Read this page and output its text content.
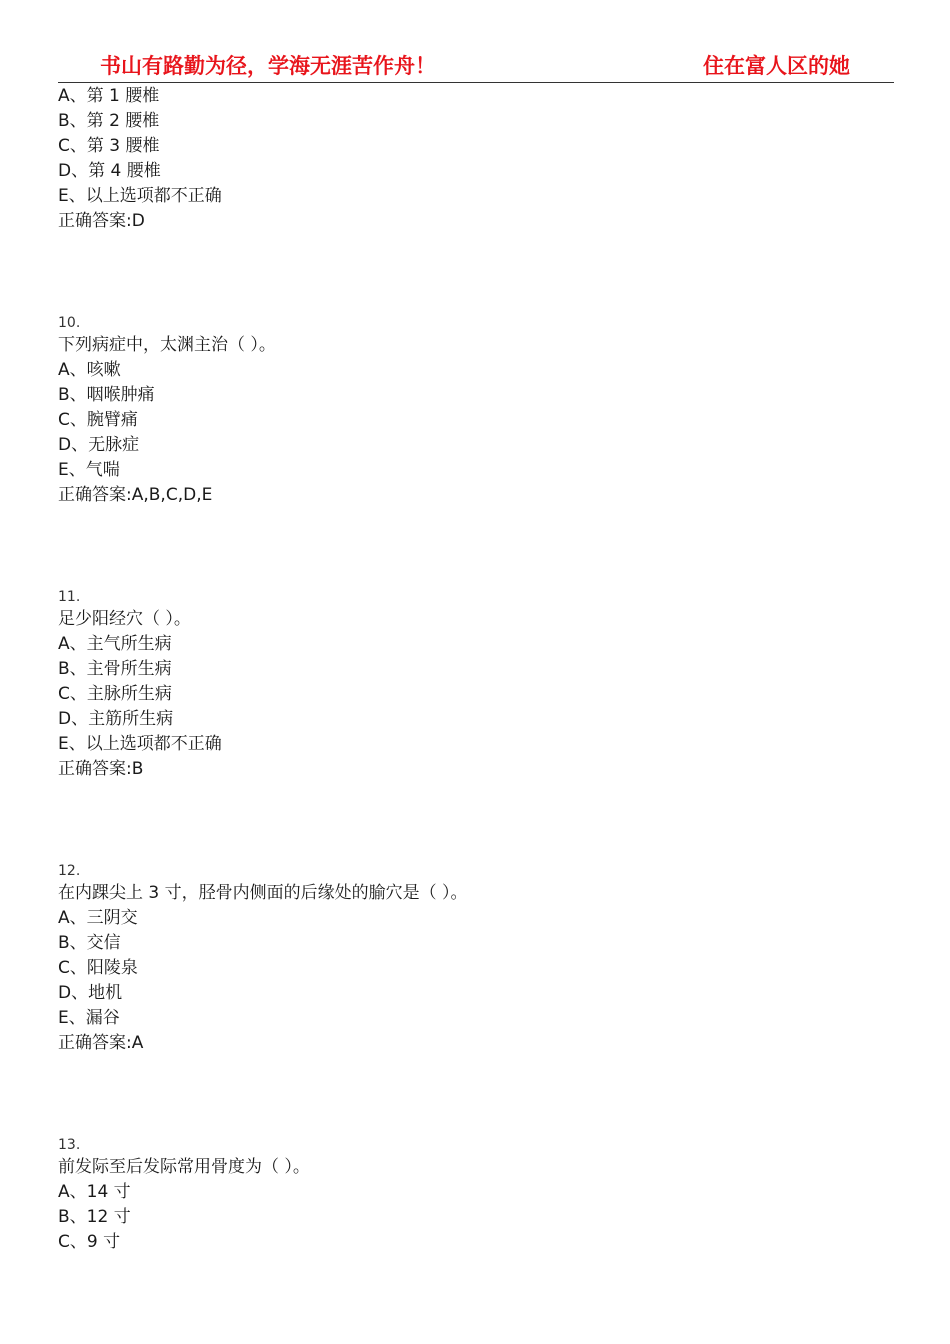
书山有路勤为径，学海无涯苦作舟！	住在富人区的她
A、第 1 腰椎
B、第 2 腰椎
C、第 3 腰椎
D、第 4 腰椎
E、以上选项都不正确
正确答案:D
10.
下列病症中，太渊主治（ ）。
A、咳嗽
B、咽喉肿痛
C、腕臂痛
D、无脉症
E、气喘
正确答案:A,B,C,D,E
11.
足少阳经穴（ ）。
A、主气所生病
B、主骨所生病
C、主脉所生病
D、主筋所生病
E、以上选项都不正确
正确答案:B
12.
在内踝尖上 3 寸，胫骨内侧面的后缘处的腧穴是（ ）。
A、三阴交
B、交信
C、阳陵泉
D、地机
E、漏谷
正确答案:A
13.
前发际至后发际常用骨度为（ ）。
A、14 寸
B、12 寸
C、9 寸
